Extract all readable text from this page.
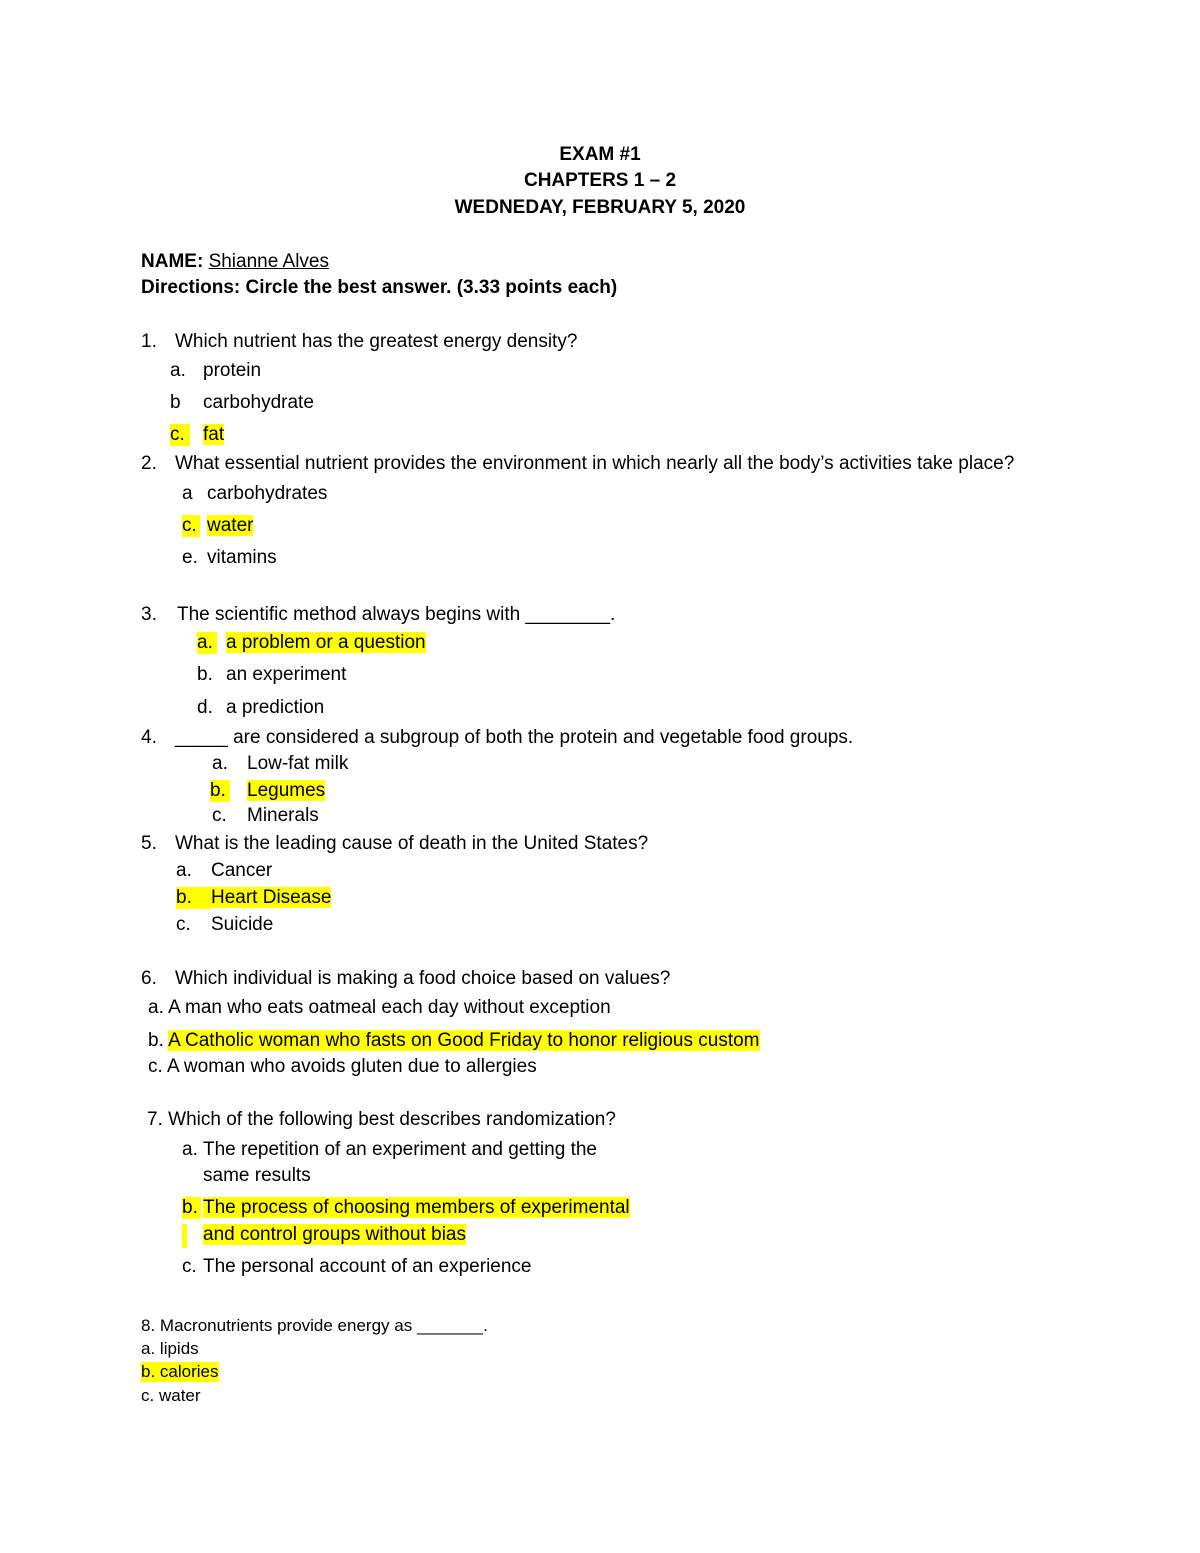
EXAM #1
CHAPTERS 1 – 2
WEDNEDAY, FEBRUARY 5, 2020
NAME: Shianne Alves
Directions: Circle the best answer. (3.33 points each)
1. Which nutrient has the greatest energy density?
a. protein
b carbohydrate
c. fat
2. What essential nutrient provides the environment in which nearly all the body’s activities take place?
a carbohydrates
c. water
e. vitamins
3. The scientific method always begins with ________.
a. a problem or a question
b. an experiment
d. a prediction
4. _____ are considered a subgroup of both the protein and vegetable food groups.
a. Low-fat milk
b. Legumes
c. Minerals
5. What is the leading cause of death in the United States?
a. Cancer
b. Heart Disease
c. Suicide
6. Which individual is making a food choice based on values?
a. A man who eats oatmeal each day without exception
b. A Catholic woman who fasts on Good Friday to honor religious custom
c. A woman who avoids gluten due to allergies
7. Which of the following best describes randomization?
a. The repetition of an experiment and getting the
same results
b. The process of choosing members of experimental
and control groups without bias
c. The personal account of an experience
8. Macronutrients provide energy as _______.
a. lipids
b. calories
c. water
